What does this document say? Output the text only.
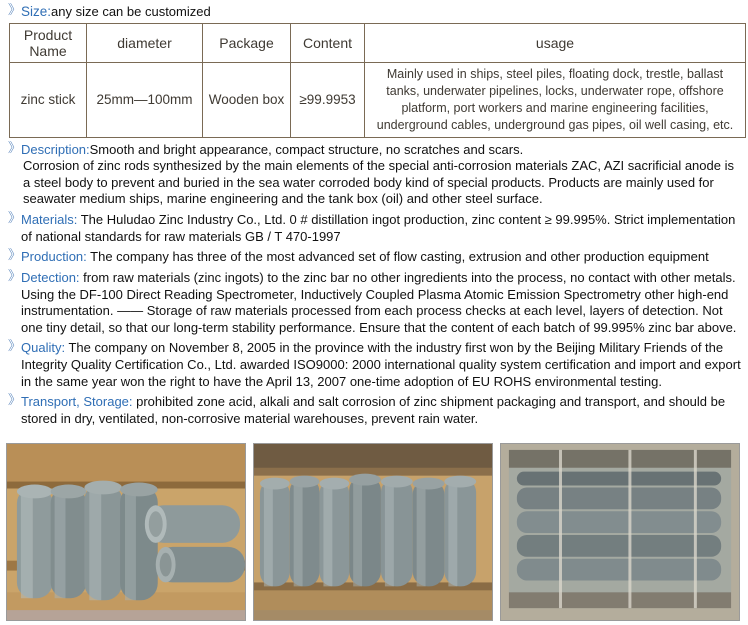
》 Size:any size can be customized
Product Name	diameter	Package	Content	usage
zinc stick	25mm—100mm	Wooden box	≥99.9953	Mainly used in ships, steel piles, floating dock, trestle, ballast tanks, underwater pipelines, locks, underwater rope, offshore platform, port workers and marine engineering facilities, underground cables, underground gas pipes, oil well casing, etc.
》 Description:Smooth and bright appearance, compact structure, no scratches and scars.
Corrosion of zinc rods synthesized by the main elements of the special anti-corrosion materials ZAC, AZI sacrificial anode is a steel body to prevent and buried in the sea water corroded body kind of special products. Products are mainly used for seawater medium ships, marine engineering and the tank box (oil) and other steel surface.
》 Materials: The Huludao Zinc Industry Co., Ltd. 0 # distillation ingot production, zinc content ≥ 99.995%. Strict implementation of national standards for raw materials GB / T 470-1997
》 Production: The company has three of the most advanced set of flow casting, extrusion and other production equipment
》 Detection: from raw materials (zinc ingots) to the zinc bar no other ingredients into the process, no contact with other metals. Using the DF-100 Direct Reading Spectrometer, Inductively Coupled Plasma Atomic Emission Spectrometry other high-end instrumentation. —— Storage of raw materials processed from each process checks at each level, layers of detection. Not one tiny detail, so that our long-term stability performance. Ensure that the content of each batch of 99.995% zinc bar above.
》 Quality: The company on November 8, 2005 in the province with the industry first won by the Beijing Military Friends of the Integrity Quality Certification Co., Ltd. awarded ISO9000: 2000 international quality system certification and import and export in the same year won the right to have the April 13, 2007 one-time adoption of EU ROHS environmental testing.
》 Transport, Storage: prohibited zone acid, alkali and salt corrosion of zinc shipment packaging and transport, and should be stored in dry, ventilated, non-corrosive material warehouses, prevent rain water.
